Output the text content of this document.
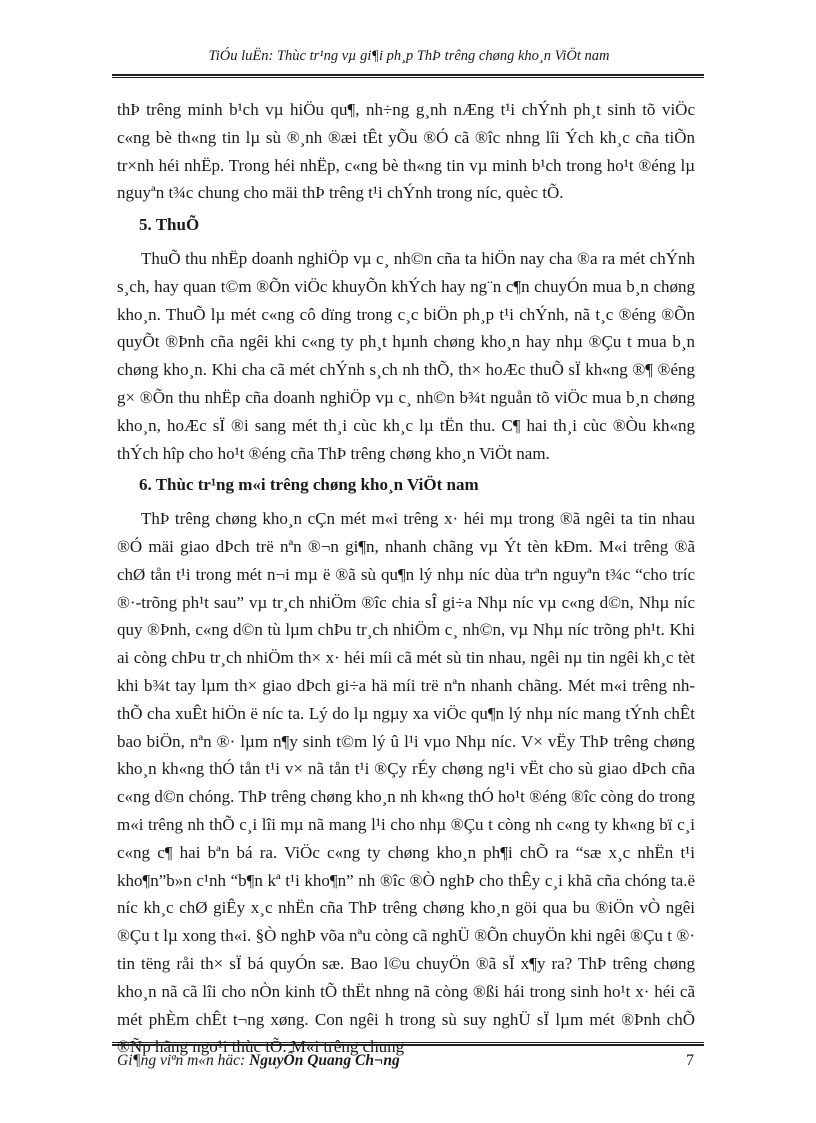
TiÓu luËn: Thùc tr¹ng vµ gi¶i ph¸p ThÞ trêng chøng kho¸n ViÖt nam

thÞ trêng minh b¹ch vµ hiÖu qu¶, nh÷ng g¸nh nÆng t¹i chÝnh ph¸t sinh tõ viÖc c«ng bè th«ng tin lµ sù ®¸nh ®æi tÊt yÕu ®Ó cã ®îc nhng lîi Ých kh¸c cña tiÕn tr×nh héi nhËp. Trong héi nhËp, c«ng bè th«ng tin vµ minh b¹ch trong ho¹t ®éng lµ nguyªn t¾c chung cho mäi thÞ trêng t¹i chÝnh trong níc, quèc tÕ.

5. ThuÕ

ThuÕ thu nhËp doanh nghiÖp vµ c¸ nh©n cña ta hiÖn nay cha ®a ra mét chÝnh s¸ch, hay quan t©m ®Õn viÖc khuyÕn khÝch hay ng¨n c¶n chuyÓn mua b¸n chøng kho¸n. ThuÕ lµ mét c«ng cô dïng trong c¸c biÖn ph¸p t¹i chÝnh, nã t¸c ®éng ®Õn quyÕt ®Þnh cña ngêi khi c«ng ty ph¸t hµnh chøng kho¸n hay nhµ ®Çu t mua b¸n chøng kho¸n. Khi cha cã mét chÝnh s¸ch nh thÕ, th× hoÆc thuÕ sÏ kh«ng ®¶ ®éng g× ®Õn thu nhËp cña doanh nghiÖp vµ c¸ nh©n b¾t nguån tõ viÖc mua b¸n chøng kho¸n, hoÆc sÏ ®i sang mét th¸i cùc kh¸c lµ tËn thu. C¶ hai th¸i cùc ®Òu kh«ng thÝch hîp cho ho¹t ®éng cña ThÞ trêng chøng kho¸n ViÖt nam.

6. Thùc tr¹ng m«i trêng chøng kho¸n ViÖt nam

ThÞ trêng chøng kho¸n cÇn mét m«i trêng x· héi mµ trong ®ã ngêi ta tin nhau ®Ó mäi giao dÞch trë nªn ®¬n gi¶n, nhanh chãng vµ Ýt tèn kÐm. M«i trêng ®ã chØ tån t¹i trong mét n¬i mµ ë ®ã sù qu¶n lý nhµ níc dùa trªn nguyªn t¾c “cho tríc ®·-trõng ph¹t sau” vµ tr¸ch nhiÖm ®îc chia sÎ gi÷a Nhµ níc vµ c«ng d©n, Nhµ níc quy ®Þnh, c«ng d©n tù lµm chÞu tr¸ch nhiÖm c¸ nh©n, vµ Nhµ níc trõng ph¹t. Khi ai còng chÞu tr¸ch nhiÖm th× x· héi míi cã mét sù tin nhau, ngêi nµ tin ngêi kh¸c tèt khi b¾t tay lµm th× giao dÞch gi÷a hä míi trë nªn nhanh chãng. Mét m«i trêng nh thÕ cha xuÊt hiÖn ë níc ta. Lý do lµ ngµy xa viÖc qu¶n lý nhµ níc mang tÝnh chÊt bao biÖn, nªn ®· lµm n¶y sinh t©m lý û l¹i vµo Nhµ níc. V× vËy ThÞ trêng chøng kho¸n kh«ng thÓ tån t¹i v× nã tån t¹i ®Çy rÉy chøng ng¹i vËt cho sù giao dÞch cña c«ng d©n chóng. ThÞ trêng chøng kho¸n nh kh«ng thÓ ho¹t ®éng ®îc còng do trong m«i trêng nh thÕ c¸i lîi mµ nã mang l¹i cho nhµ ®Çu t còng nh c«ng ty kh«ng bï c¸i c«ng c¶ hai bªn bá ra. ViÖc c«ng ty chøng kho¸n ph¶i chÕ ra “sæ x¸c nhËn t¹i kho¶n”b»n c¹nh “b¶n kª t¹i kho¶n” nh ®îc ®Ò nghÞ cho thÊy c¸i khã cña chóng ta.ë níc kh¸c chØ giÊy x¸c nhËn cña ThÞ trêng chøng kho¸n göi qua bu ®iÖn vÒ ngêi ®Çu t lµ xong th«i. §Ò nghÞ võa nªu còng cã nghÜ ®Õn chuyÖn khi ngêi ®Çu t ®· tin tëng råi th× sÏ bá quyÓn sæ. Bao l©u chuyÖn ®ã sÏ x¶y ra? ThÞ trêng chøng kho¸n nã cã lîi cho nÒn kinh tÕ thËt nhng nã còng ®ßi hái trong sinh ho¹t x· héi cã mét phÈm chÊt t¬ng xøng. Con ngêi h trong sù suy nghÜ sÏ lµm mét ®Þnh chÕ ®Ñp hãng ngo¹i thùc tÕ. M«i trêng chung

Gi¶ng viªn m«n häc: NguyÔn Quang Ch¬ng	7
